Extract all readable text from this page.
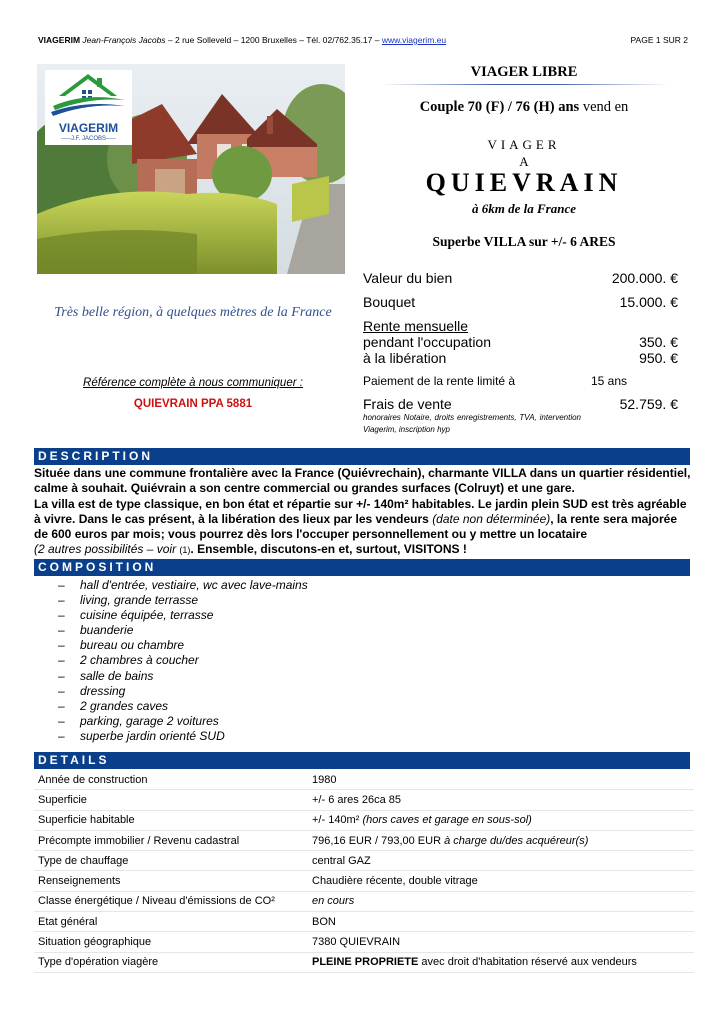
VIAGERIM Jean-François Jacobs – 2 rue Solleveld – 1200 Bruxelles – Tél. 02/762.35.17 – www.viagerim.eu	PAGE 1 SUR 2
VIAGERIM
-----J.F. JACOBS-----
VIAGER LIBRE
Couple 70 (F) / 76 (H) ans vend en
VIAGER
A
QUIEVRAIN
à 6km de la France
Superbe VILLA sur +/- 6 ARES
Valeur du bien	200.000. €
Bouquet	15.000. €
Rente mensuelle
pendant l'occupation	350. €
à la libération	950. €
Paiement de la rente limité à	15 ans
Frais de vente	52.759. €
honoraires Notaire, droits enregistrements, TVA, intervention Viagerim, inscription hyp
Très belle région, à quelques mètres de la France
Référence complète à nous communiquer :
QUIEVRAIN PPA 5881
DESCRIPTION
Située dans une commune frontalière avec la France (Quiévrechain), charmante VILLA dans un quartier résidentiel, calme à souhait. Quiévrain a son centre commercial ou grandes surfaces (Colruyt) et une gare.
La villa est de type classique, en bon état et répartie sur +/- 140m² habitables. Le jardin plein SUD est très agréable à vivre. Dans le cas présent, à la libération des lieux par les vendeurs (date non déterminée), la rente sera majorée de 600 euros par mois; vous pourrez dès lors l'occuper personnellement ou y mettre un locataire
(2 autres possibilités – voir (1). Ensemble, discutons-en et, surtout, VISITONS !
COMPOSITION
– hall d'entrée, vestiaire, wc avec lave-mains
– living, grande terrasse
– cuisine équipée, terrasse
– buanderie
– bureau ou chambre
– 2 chambres à coucher
– salle de bains
– dressing
– 2 grandes caves
– parking, garage 2 voitures
– superbe jardin orienté SUD
DETAILS
Année de construction	1980
Superficie	+/- 6 ares 26ca 85
Superficie habitable	+/- 140m² (hors caves et garage en sous-sol)
Précompte immobilier / Revenu cadastral	796,16 EUR / 793,00 EUR à charge du/des acquéreur(s)
Type de chauffage	central GAZ
Renseignements	Chaudière récente, double vitrage
Classe énergétique / Niveau d'émissions de CO²	en cours
Etat général	BON
Situation géographique	7380 QUIEVRAIN
Type d'opération viagère	PLEINE PROPRIETE avec droit d'habitation réservé aux vendeurs
